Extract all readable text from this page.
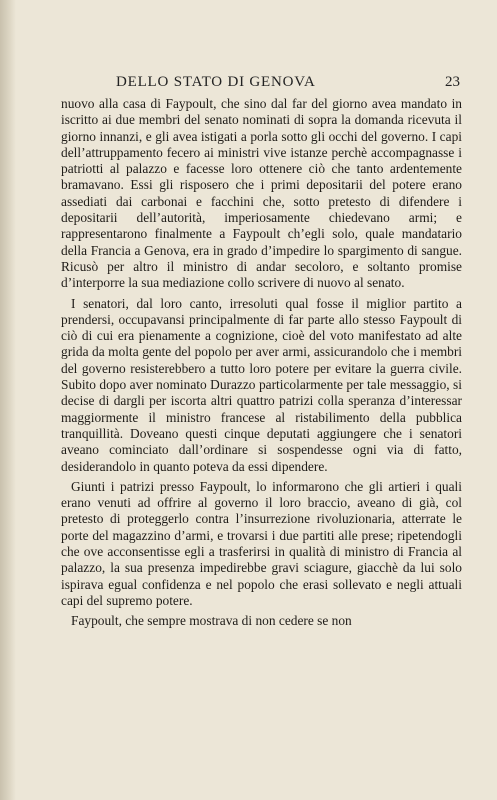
DELLO STATO DI GENOVA	23

nuovo alla casa di Faypoult, che sino dal far del giorno avea mandato in iscritto ai due membri del senato nominati di sopra la domanda ricevuta il giorno innanzi, e gli avea istigati a porla sotto gli occhi del governo. I capi dell’attruppamento fecero ai ministri vive istanze perchè accompagnasse i patriotti al palazzo e facesse loro ottenere ciò che tanto ardentemente bramavano. Essi gli risposero che i primi depositarii del potere erano assediati dai carbonai e facchini che, sotto pretesto di difendere i depositarii dell’autorità, imperiosamente chiedevano armi; e rappresentarono finalmente a Faypoult ch’egli solo, quale mandatario della Francia a Genova, era in grado d’impedire lo spargimento di sangue. Ricusò per altro il ministro di andar secoloro, e soltanto promise d’interporre la sua mediazione collo scrivere di nuovo al senato.

I senatori, dal loro canto, irresoluti qual fosse il miglior partito a prendersi, occupavansi principalmente di far parte allo stesso Faypoult di ciò di cui era pienamente a cognizione, cioè del voto manifestato ad alte grida da molta gente del popolo per aver armi, assicurandolo che i membri del governo resisterebbero a tutto loro potere per evitare la guerra civile. Subito dopo aver nominato Durazzo particolarmente per tale messaggio, si decise di dargli per iscorta altri quattro patrizi colla speranza d’interessar maggiormente il ministro francese al ristabilimento della pubblica tranquillità. Doveano questi cinque deputati aggiungere che i senatori aveano cominciato dall’ordinare si sospendesse ogni via di fatto, desiderandolo in quanto poteva da essi dipendere.

Giunti i patrizi presso Faypoult, lo informarono che gli artieri i quali erano venuti ad offrire al governo il loro braccio, aveano di già, col pretesto di proteggerlo contra l’insurrezione rivoluzionaria, atterrate le porte del magazzino d’armi, e trovarsi i due partiti alle prese; ripetendogli che ove acconsentisse egli a trasferirsi in qualità di ministro di Francia al palazzo, la sua presenza impedirebbe gravi sciagure, giacchè da lui solo ispirava egual confidenza e nel popolo che erasi sollevato e negli attuali capi del supremo potere.

Faypoult, che sempre mostrava di non cedere se non
